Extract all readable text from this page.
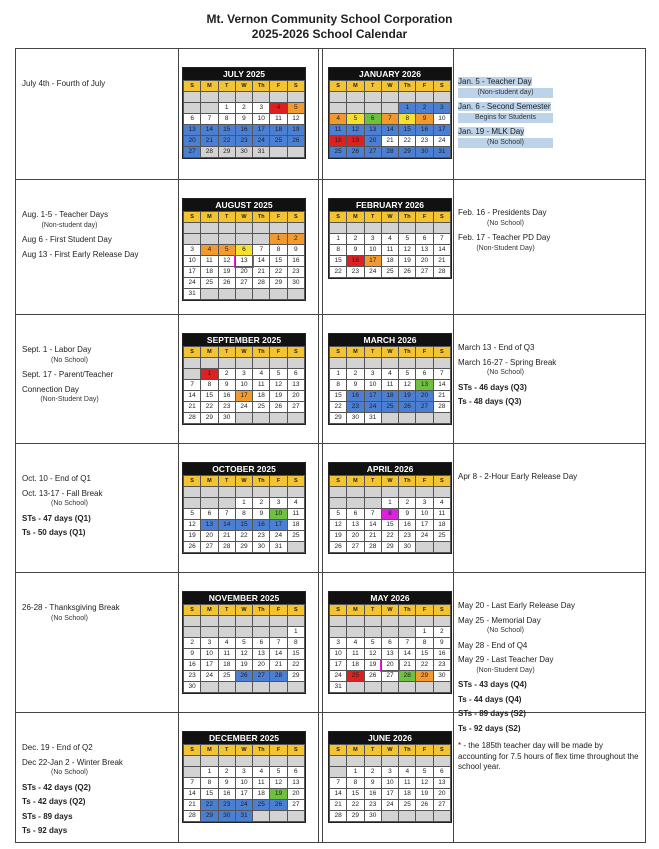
Mt. Vernon Community School Corporation
2025-2026 School Calendar
July 4th - Fourth of July	Jan. 5 - Teacher Day
(Non-student day)
Jan. 6 - Second Semester
Begins for Students
Jan. 19 - MLK Day
(No School)
JULY 2025
S	M	T	W	Th	F	S

		1	2	3	4	5
6	7	8	9	10	11	12
13	14	15	16	17	18	19
20	21	22	23	24	25	26
27	28	29	30	31		
JANUARY 2026
S	M	T	W	Th	F	S

				1	2	3
4	5	6	7	8	9	10
11	12	13	14	15	16	17
18	19	20	21	22	23	24
25	26	27	28	29	30	31
Aug. 1-5 - Teacher Days
(Non-student day)
Aug 6 - First Student Day
Aug 13 - First Early Release Day
Feb. 16 - Presidents Day
(No School)
Feb. 17 - Teacher PD Day
(Non-Student Day)
AUGUST 2025
S	M	T	W	Th	F	S

					1	2
3	4	5	6	7	8	9
10	11	12	13	14	15	16
17	18	19	20	21	22	23
24	25	26	27	28	29	30
31						
FEBRUARY 2026
S	M	T	W	Th	F	S

1	2	3	4	5	6	7
8	9	10	11	12	13	14
15	16	17	18	19	20	21
22	23	24	25	26	27	28
Sept. 1 - Labor Day
(No School)
Sept. 17 - Parent/Teacher
Connection Day
(Non-Student Day)
March 13 - End of Q3
March 16-27 - Spring Break
(No School)
STs - 46 days (Q3)
Ts - 48 days (Q3)
SEPTEMBER 2025
S	M	T	W	Th	F	S

	1	2	3	4	5	6
7	8	9	10	11	12	13
14	15	16	17	18	19	20
21	22	23	24	25	26	27
28	29	30				
MARCH 2026
S	M	T	W	Th	F	S

1	2	3	4	5	6	7
8	9	10	11	12	13	14
15	16	17	18	19	20	21
22	23	24	25	26	27	28
29	30	31				
Oct. 10 - End of Q1
Oct. 13-17 - Fall Break
(No School)
STs - 47 days (Q1)
Ts - 50 days (Q1)
Apr 8 - 2-Hour Early Release Day
OCTOBER 2025
S	M	T	W	Th	F	S

			1	2	3	4
5	6	7	8	9	10	11
12	13	14	15	16	17	18
19	20	21	22	23	24	25
26	27	28	29	30	31	
APRIL 2026
S	M	T	W	Th	F	S

			1	2	3	4
5	6	7	8	9	10	11
12	13	14	15	16	17	18
19	20	21	22	23	24	25
26	27	28	29	30		
26-28 - Thanksgiving Break
(No School)
May 20 - Last Early Release Day
May 25 - Memorial Day
(No School)
May 28 - End of Q4
May 29 - Last Teacher Day
(Non-Student Day)
STs - 43 days (Q4)
Ts - 44 days (Q4)
STs - 89 days (S2)
Ts - 92 days (S2)
NOVEMBER 2025
S	M	T	W	Th	F	S

						1
2	3	4	5	6	7	8
9	10	11	12	13	14	15
16	17	18	19	20	21	22
23	24	25	26	27	28	29
30						
MAY 2026
S	M	T	W	Th	F	S

					1	2
3	4	5	6	7	8	9
10	11	12	13	14	15	16
17	18	19	20	21	22	23
24	25	26	27	28	29	30
31						
Dec. 19 - End of Q2
Dec 22-Jan 2 - Winter Break
(No School)
STs - 42 days (Q2)
Ts - 42 days (Q2)
STs - 89 days
Ts - 92 days
* - the 185th teacher day will be made by accounting for 7.5 hours of flex time throughout the school year.
DECEMBER 2025
S	M	T	W	Th	F	S

	1	2	3	4	5	6
7	8	9	10	11	12	13
14	15	16	17	18	19	20
21	22	23	24	25	26	27
28	29	30	31			
JUNE 2026
S	M	T	W	Th	F	S

	1	2	3	4	5	6
7	8	9	10	11	12	13
14	15	16	17	18	19	20
21	22	23	24	25	26	27
28	29	30				
